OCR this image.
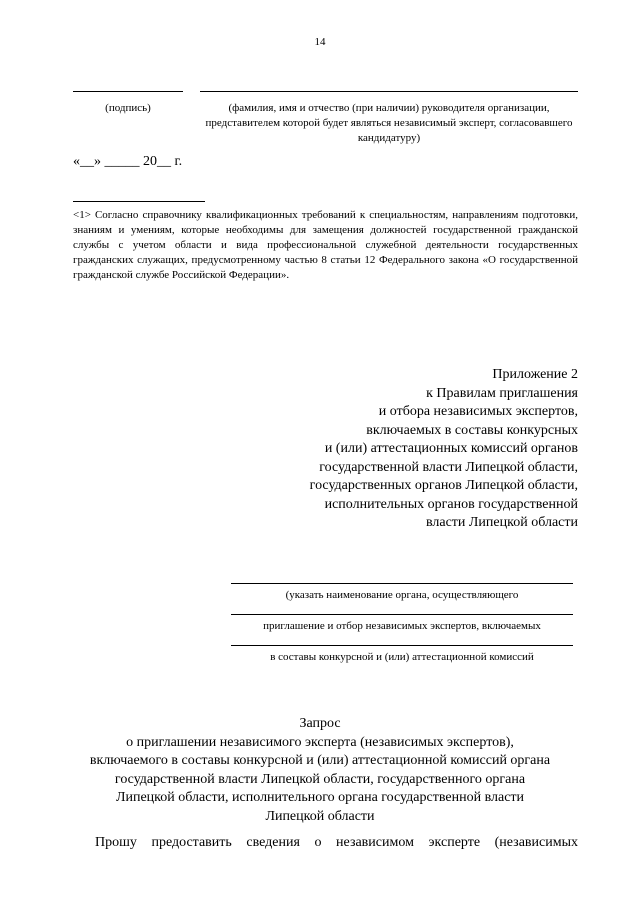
14
(подпись)	(фамилия, имя и отчество (при наличии) руководителя организации, представителем которой будет являться независимый эксперт, согласовавшего кандидатуру)
«__» _____ 20__ г.
<1> Согласно справочнику квалификационных требований к специальностям, направлениям подготовки, знаниям и умениям, которые необходимы для замещения должностей государственной гражданской службы с учетом области и вида профессиональной служебной деятельности государственных гражданских служащих, предусмотренному частью 8 статьи 12 Федерального закона «О государственной гражданской службе Российской Федерации».
Приложение 2
к Правилам приглашения
и отбора независимых экспертов,
включаемых в составы конкурсных
и (или) аттестационных комиссий органов
государственной власти Липецкой области,
государственных органов Липецкой области,
исполнительных органов государственной
власти Липецкой области
(указать наименование органа, осуществляющего
приглашение и отбор независимых экспертов, включаемых
в составы конкурсной и (или) аттестационной комиссий
Запрос
о приглашении независимого эксперта (независимых экспертов),
включаемого в составы конкурсной и (или) аттестационной комиссий органа
государственной власти Липецкой области, государственного органа
Липецкой области, исполнительного органа государственной власти
Липецкой области
Прошу предоставить сведения о независимом эксперте (независимых
